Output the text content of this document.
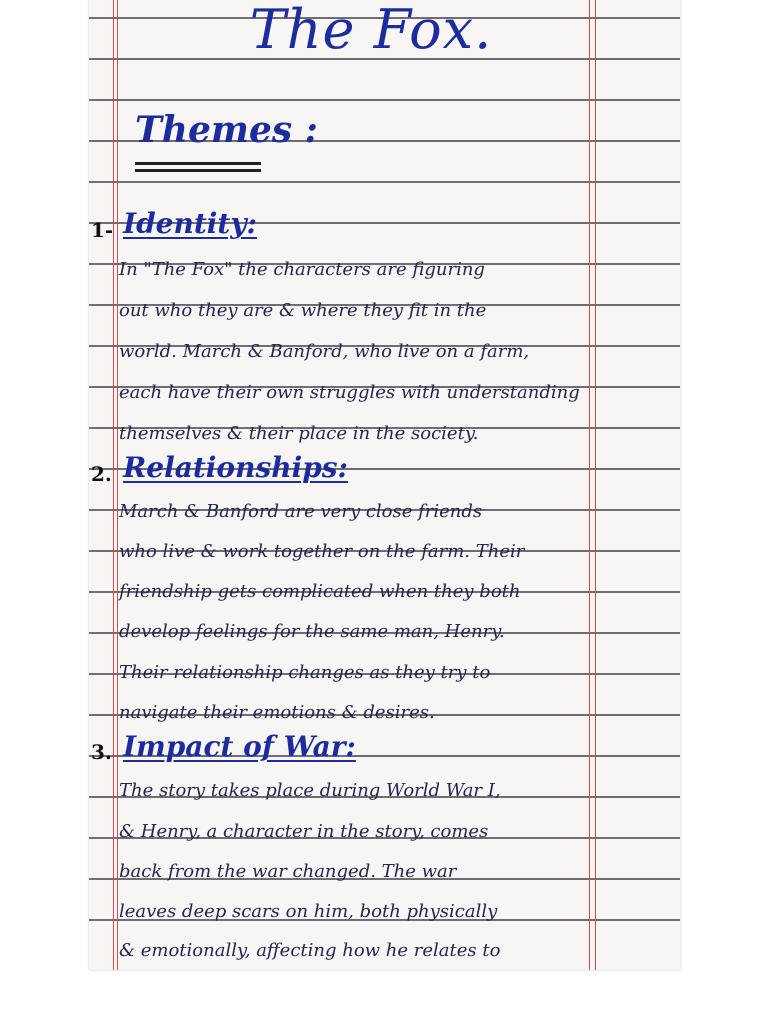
The Fox.
Themes :
1- Identity:
In "The Fox" the characters are figuring
out who they are & where they fit in the
world. March & Banford, who live on a farm,
each have their own struggles with understanding
themselves & their place in the society.
2. Relationships:
March & Banford are very close friends
who live & work together on the farm. Their
friendship gets complicated when they both
develop feelings for the same man, Henry.
Their relationship changes as they try to
navigate their emotions & desires.
3. Impact of War:
The story takes place during World War I,
& Henry, a character in the story, comes
back from the war changed. The war
leaves deep scars on him, both physically
& emotionally, affecting how he relates to
